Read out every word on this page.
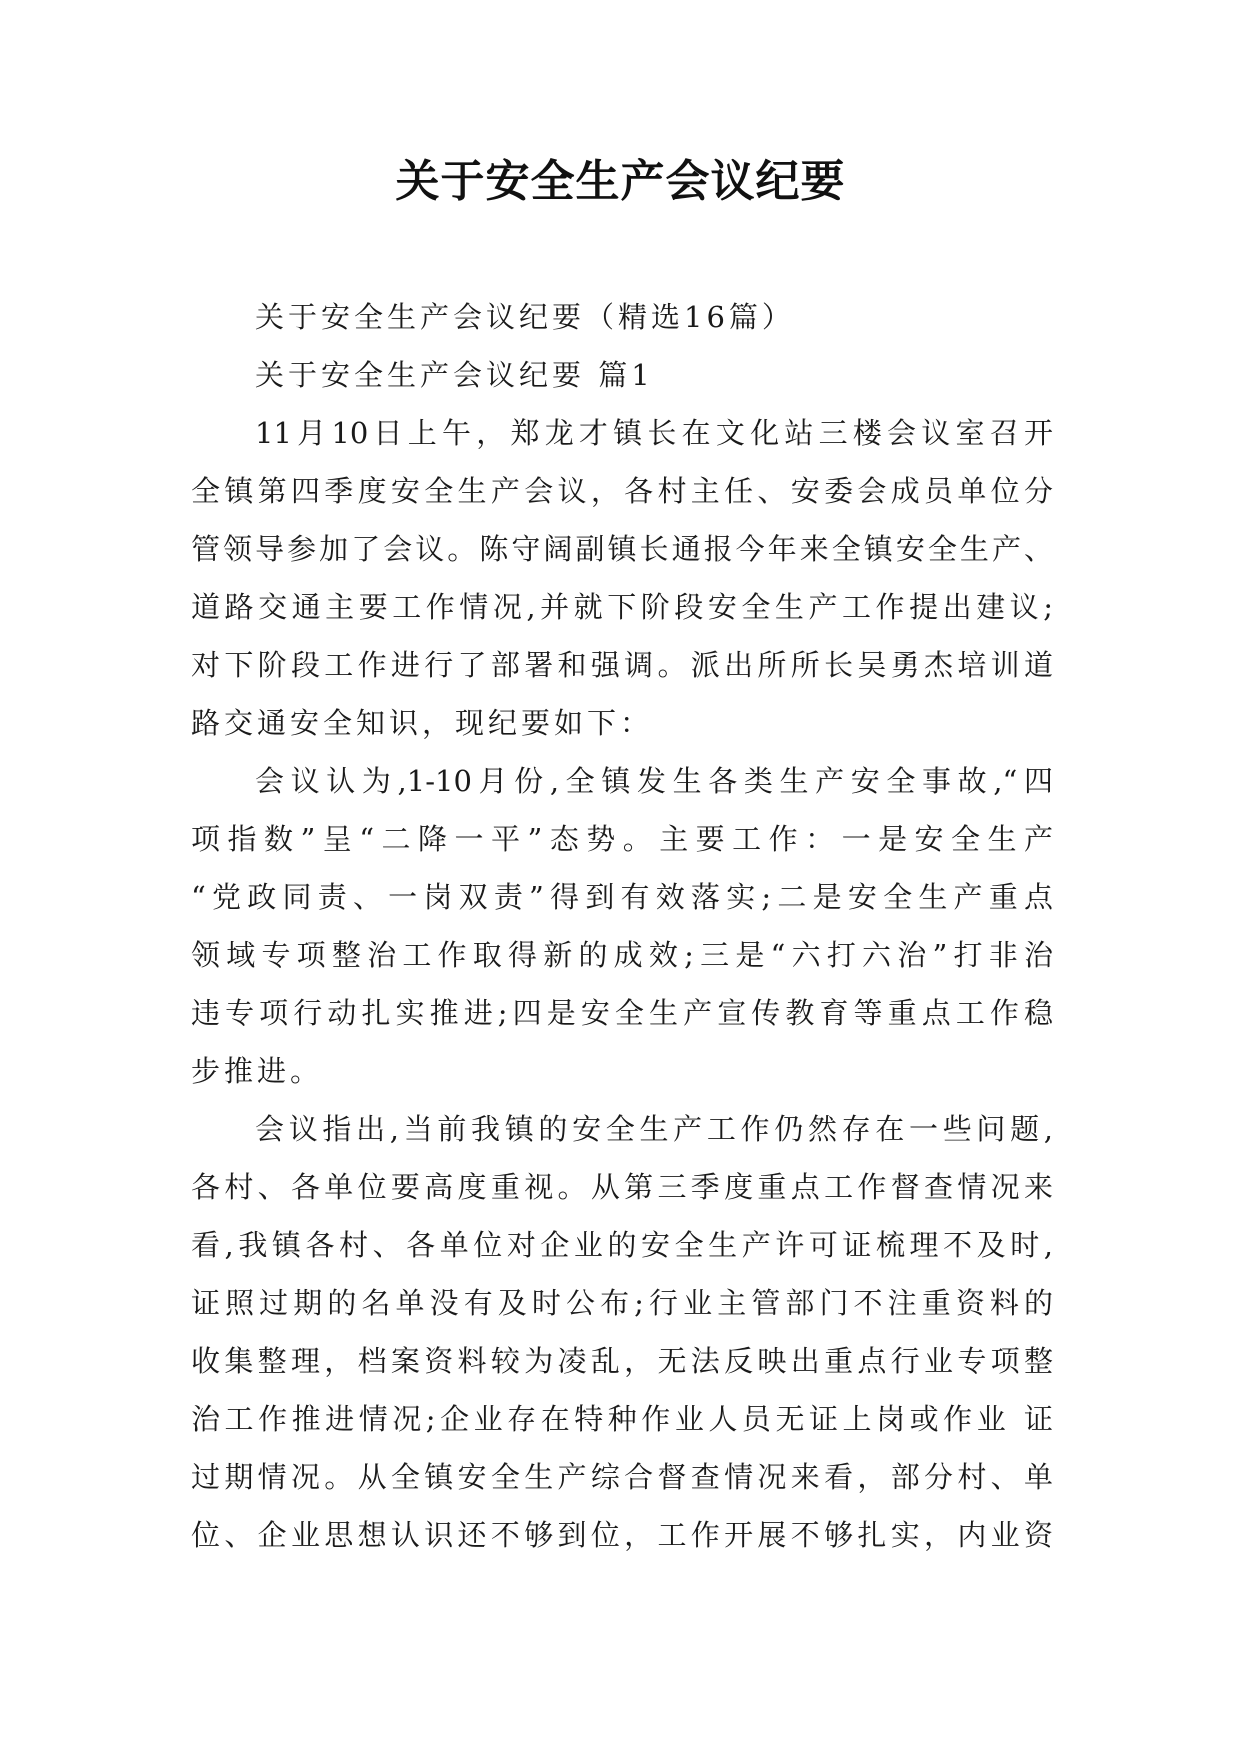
关于安全生产会议纪要
关于安全生产会议纪要（精选16篇）
关于安全生产会议纪要 篇1
11月10日上午，郑龙才镇长在文化站三楼会议室召开
全镇第四季度安全生产会议，各村主任、安委会成员单位分
管领导参加了会议。陈守阔副镇长通报今年来全镇安全生产、
道路交通主要工作情况,并就下阶段安全生产工作提出建议;
对下阶段工作进行了部署和强调。派出所所长吴勇杰培训道
路交通安全知识，现纪要如下：
会议认为,1-10月份,全镇发生各类生产安全事故,“四
项指数”呈“二降一平”态势。主要工作：一是安全生产
“党政同责、一岗双责”得到有效落实;二是安全生产重点
领域专项整治工作取得新的成效;三是“六打六治”打非治
违专项行动扎实推进;四是安全生产宣传教育等重点工作稳
步推进。
会议指出,当前我镇的安全生产工作仍然存在一些问题,
各村、各单位要高度重视。从第三季度重点工作督查情况来
看,我镇各村、各单位对企业的安全生产许可证梳理不及时,
证照过期的名单没有及时公布;行业主管部门不注重资料的
收集整理，档案资料较为凌乱，无法反映出重点行业专项整
治工作推进情况;企业存在特种作业人员无证上岗或作业 证
过期情况。从全镇安全生产综合督查情况来看，部分村、单
位、企业思想认识还不够到位，工作开展不够扎实，内业资
